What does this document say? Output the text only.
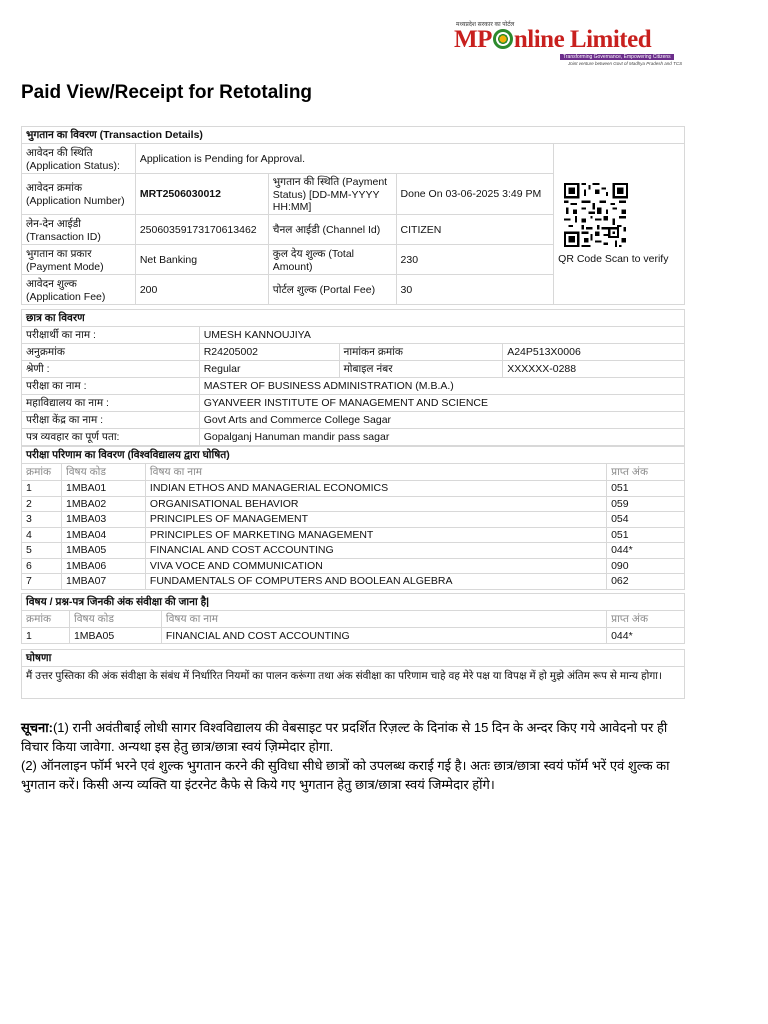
मध्यप्रदेश सरकार का पोर्टल
MP nline Limited
Transforming Governance, Empowering Citizens
Joint venture between Govt of Madhya Pradesh and TCS
Paid View/Receipt for Retotaling
भुगतान का विवरण (Transaction Details)				
आवेदन की स्थिति (Application Status):	Application is Pending for Approval.			QR Code Scan to verify

आवेदन क्रमांक (Application Number)	MRT2506030012	भुगतान की स्थिति (Payment Status) [DD-MM-YYYY HH:MM]	Done On 03-06-2025 3:49 PM	
लेन-देन आईडी (Transaction ID)	25060359173170613462	चैनल आईडी (Channel Id)	CITIZEN	
भुगतान का प्रकार (Payment Mode)	Net Banking	कुल देय शुल्क (Total Amount)	230	
आवेदन शुल्क (Application Fee)	200	पोर्टल शुल्क (Portal Fee)	30	
छात्र का विवरण			
परीक्षार्थी का नाम :	UMESH KANNOUJIYA		
अनुक्रमांक	R24205002	नामांकन क्रमांक	A24P513X0006
श्रेणी :	Regular	मोबाइल नंबर	XXXXXX-0288
परीक्षा का नाम :	MASTER OF BUSINESS ADMINISTRATION (M.B.A.)		
महाविद्यालय का नाम :	GYANVEER INSTITUTE OF MANAGEMENT AND SCIENCE		
परीक्षा केंद्र का नाम :	Govt Arts and Commerce College Sagar		
पत्र व्यवहार का पूर्ण पता:	Gopalganj Hanuman mandir pass sagar		
परीक्षा परिणाम का विवरण (विश्वविद्यालय द्वारा घोषित)			
क्रमांक	विषय कोड	विषय का नाम	प्राप्त अंक
1	1MBA01	INDIAN ETHOS AND MANAGERIAL ECONOMICS	051
2	1MBA02	ORGANISATIONAL BEHAVIOR	059
3	1MBA03	PRINCIPLES OF MANAGEMENT	054
4	1MBA04	PRINCIPLES OF MARKETING MANAGEMENT	051
5	1MBA05	FINANCIAL AND COST ACCOUNTING	044*
6	1MBA06	VIVA VOCE AND COMMUNICATION	090
7	1MBA07	FUNDAMENTALS OF COMPUTERS AND BOOLEAN ALGEBRA	062
विषय / प्रश्न-पत्र जिनकी अंक संवीक्षा की जाना है|			
क्रमांक	विषय कोड	विषय का नाम	प्राप्त अंक
1	1MBA05	FINANCIAL AND COST ACCOUNTING	044*
घोषणा
मैं उत्तर पुस्तिका की अंक संवीक्षा के संबंध में निर्धारित नियमों का पालन करूंगा तथा अंक संवीक्षा का परिणाम चाहे वह मेरे पक्ष या विपक्ष में हो मुझे अंतिम रूप से मान्य होगा।
सूचना:(1) रानी अवंतीबाई लोधी सागर विश्वविद्यालय की वेबसाइट पर प्रदर्शित रिज़ल्ट के दिनांक से 15 दिन के अन्दर किए गये आवेदनो पर ही विचार किया जावेगा. अन्यथा इस हेतु छात्र/छात्रा स्वयं ज़िम्मेदार होगा.
(2) ऑनलाइन फॉर्म भरने एवं शुल्क भुगतान करने की सुविधा सीधे छात्रों को उपलब्ध कराई गई है। अतः छात्र/छात्रा स्वयं फॉर्म भरें एवं शुल्क का भुगतान करें। किसी अन्य व्यक्ति या इंटरनेट कैफे से किये गए भुगतान हेतु छात्र/छात्रा स्वयं जिम्मेदार होंगे।
